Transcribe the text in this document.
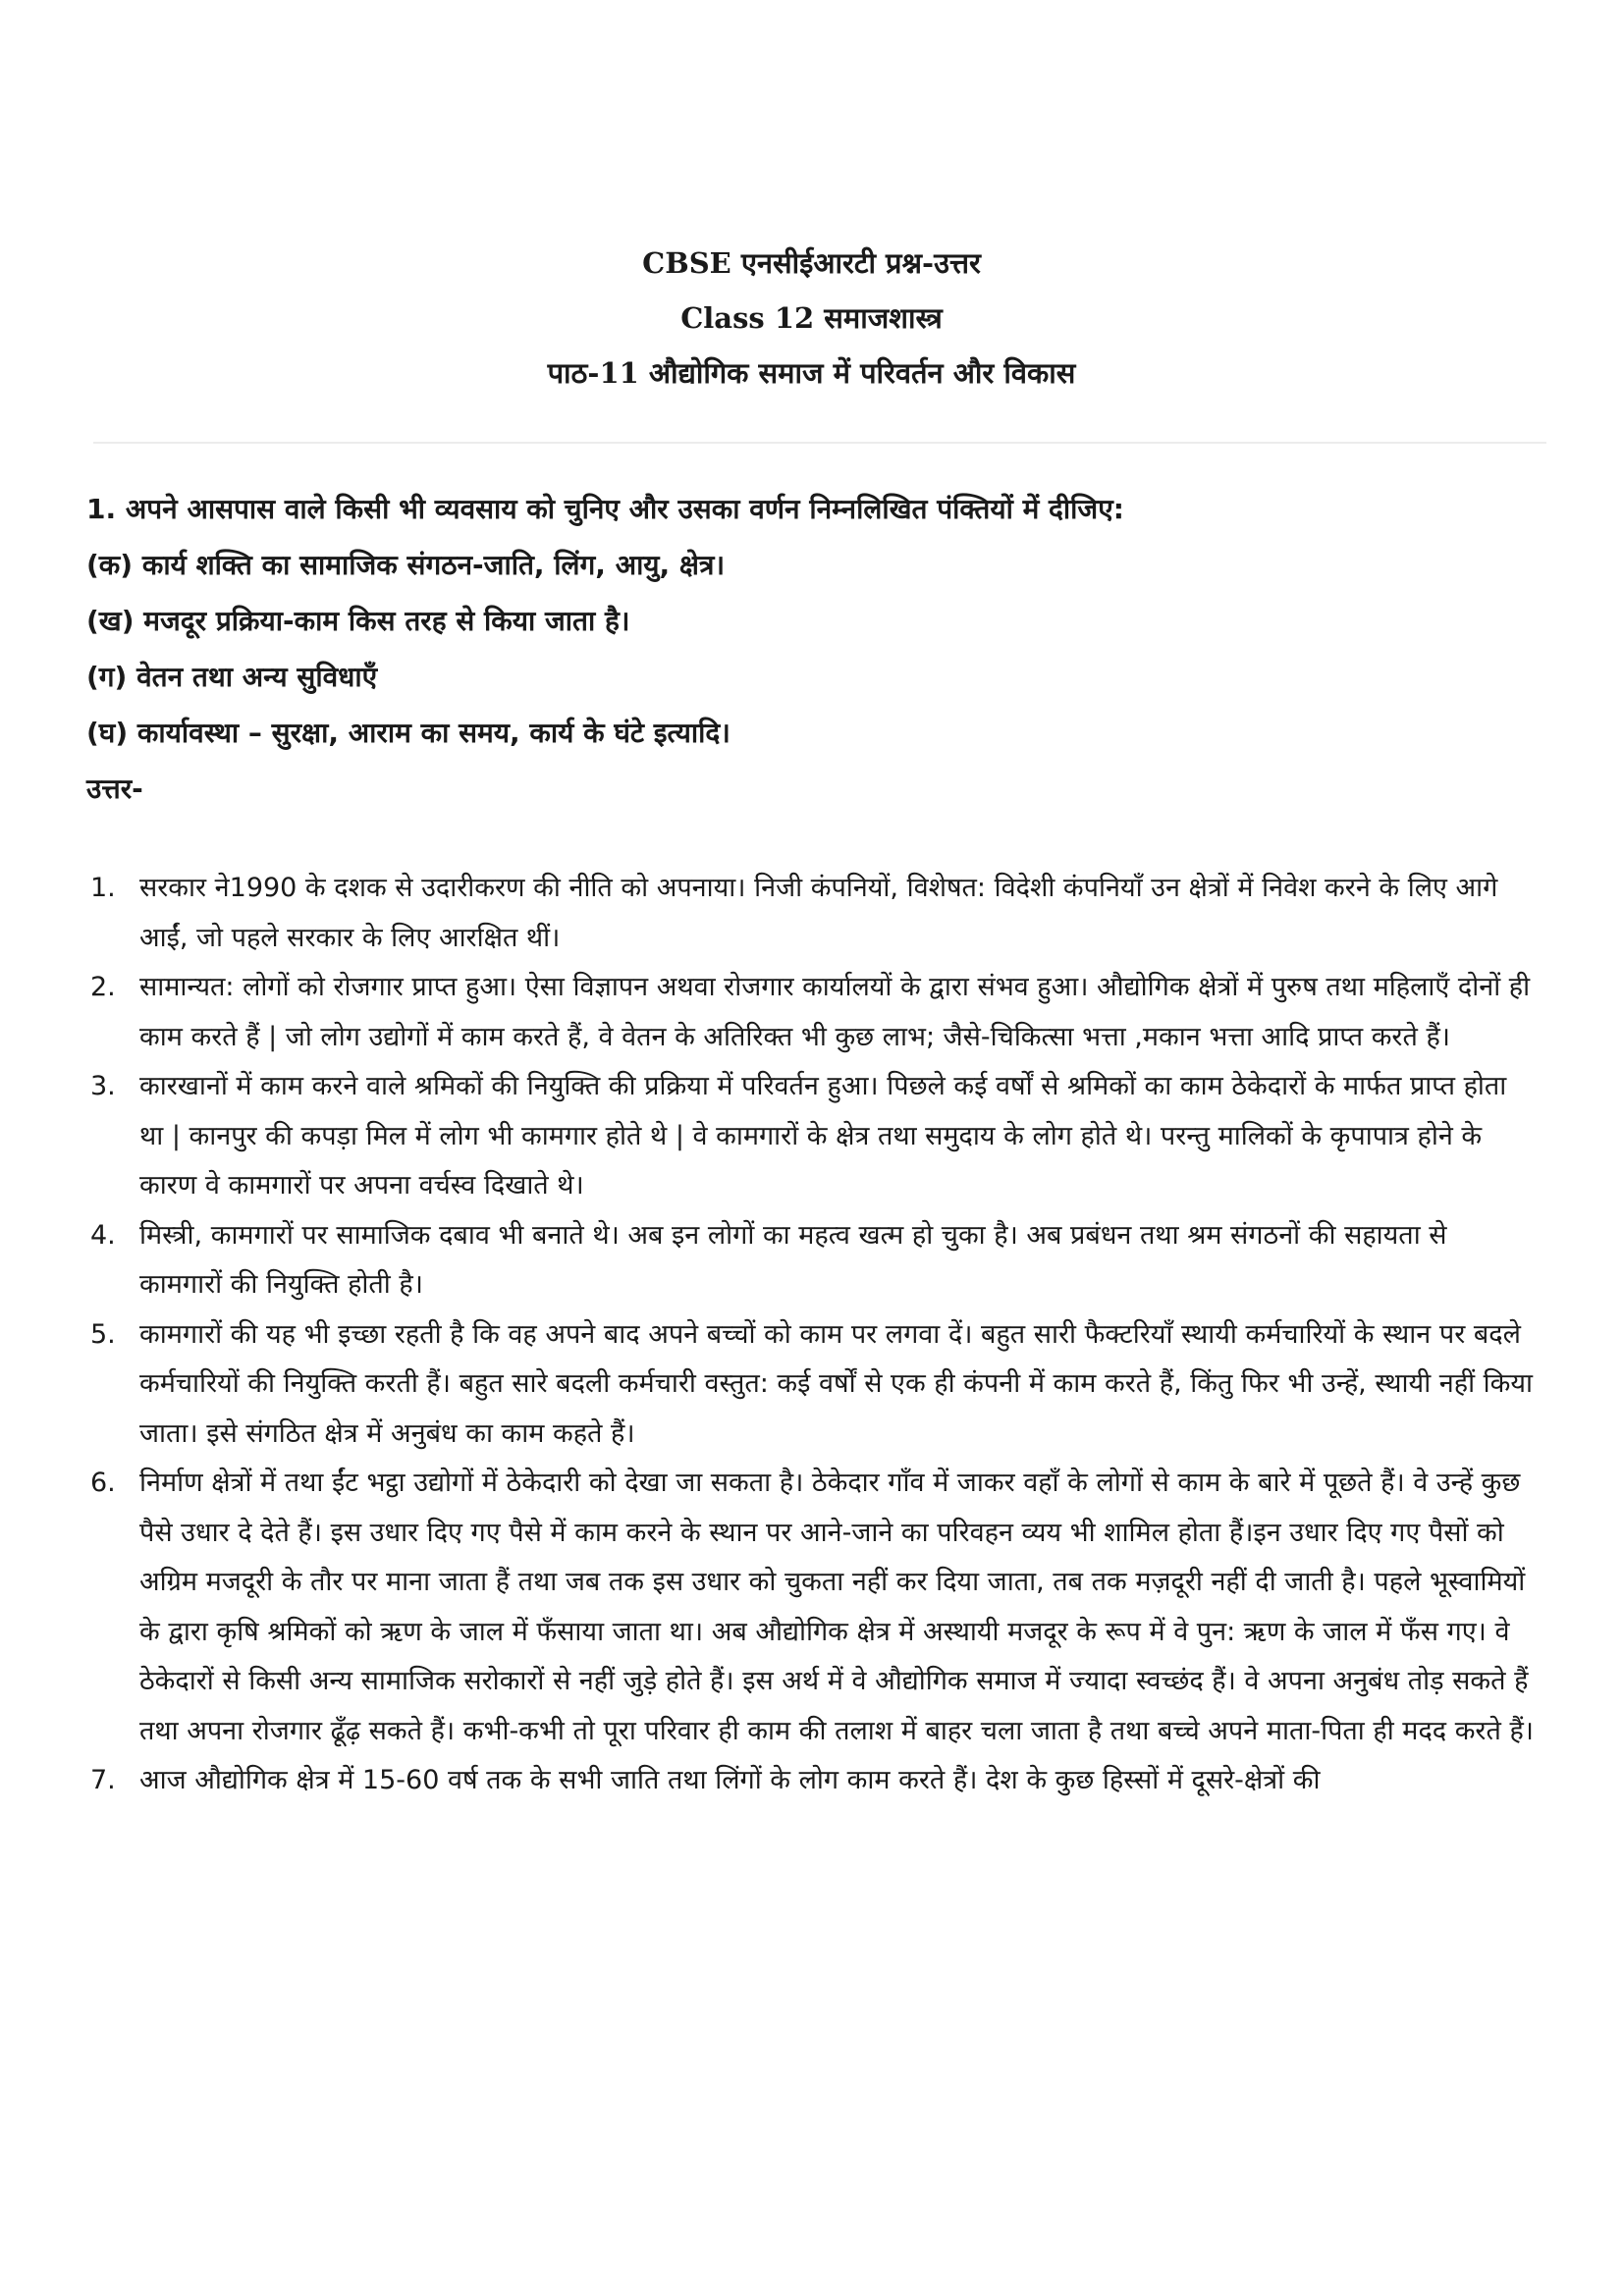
CBSE एनसीईआरटी प्रश्न-उत्तर
Class 12 समाजशास्त्र
पाठ-11 औद्योगिक समाज में परिवर्तन और विकास
1. अपने आसपास वाले किसी भी व्यवसाय को चुनिए और उसका वर्णन निम्नलिखित पंक्तियों में दीजिए:
(क) कार्य शक्ति का सामाजिक संगठन-जाति, लिंग, आयु, क्षेत्र।
(ख) मजदूर प्रक्रिया-काम किस तरह से किया जाता है।
(ग) वेतन तथा अन्य सुविधाएँ
(घ) कार्यावस्था – सुरक्षा, आराम का समय, कार्य के घंटे इत्यादि।
उत्तर-
1. सरकार ने1990 के दशक से उदारीकरण की नीति को अपनाया। निजी कंपनियों, विशेषत: विदेशी कंपनियाँ उन क्षेत्रों में निवेश करने के लिए आगे आईं, जो पहले सरकार के लिए आरक्षित थीं।
2. सामान्यत: लोगों को रोजगार प्राप्त हुआ। ऐसा विज्ञापन अथवा रोजगार कार्यालयों के द्वारा संभव हुआ। औद्योगिक क्षेत्रों में पुरुष तथा महिलाएँ दोनों ही काम करते हैं | जो लोग उद्योगों में काम करते हैं, वे वेतन के अतिरिक्त भी कुछ लाभ; जैसे-चिकित्सा भत्ता ,मकान भत्ता आदि प्राप्त करते हैं।
3. कारखानों में काम करने वाले श्रमिकों की नियुक्ति की प्रक्रिया में परिवर्तन हुआ। पिछले कई वर्षों से श्रमिकों का काम ठेकेदारों के मार्फत प्राप्त होता था | कानपुर की कपड़ा मिल में लोग भी कामगार होते थे | वे कामगारों के क्षेत्र तथा समुदाय के लोग होते थे। परन्तु मालिकों के कृपापात्र होने के कारण वे कामगारों पर अपना वर्चस्व दिखाते थे।
4. मिस्त्री, कामगारों पर सामाजिक दबाव भी बनाते थे। अब इन लोगों का महत्व खत्म हो चुका है। अब प्रबंधन तथा श्रम संगठनों की सहायता से कामगारों की नियुक्ति होती है।
5. कामगारों की यह भी इच्छा रहती है कि वह अपने बाद अपने बच्चों को काम पर लगवा दें। बहुत सारी फैक्टरियाँ स्थायी कर्मचारियों के स्थान पर बदले कर्मचारियों की नियुक्ति करती हैं। बहुत सारे बदली कर्मचारी वस्तुत: कई वर्षों से एक ही कंपनी में काम करते हैं, किंतु फिर भी उन्हें, स्थायी नहीं किया जाता। इसे संगठित क्षेत्र में अनुबंध का काम कहते हैं।
6. निर्माण क्षेत्रों में तथा ईंट भट्ठा उद्योगों में ठेकेदारी को देखा जा सकता है। ठेकेदार गाँव में जाकर वहाँ के लोगों से काम के बारे में पूछते हैं। वे उन्हें कुछ पैसे उधार दे देते हैं। इस उधार दिए गए पैसे में काम करने के स्थान पर आने-जाने का परिवहन व्यय भी शामिल होता हैं।इन उधार दिए गए पैसों को अग्रिम मजदूरी के तौर पर माना जाता हैं तथा जब तक इस उधार को चुकता नहीं कर दिया जाता, तब तक मज़दूरी नहीं दी जाती है। पहले भूस्वामियों के द्वारा कृषि श्रमिकों को ऋण के जाल में फँसाया जाता था। अब औद्योगिक क्षेत्र में अस्थायी मजदूर के रूप में वे पुन: ऋण के जाल में फँस गए। वे ठेकेदारों से किसी अन्य सामाजिक सरोकारों से नहीं जुड़े होते हैं। इस अर्थ में वे औद्योगिक समाज में ज्यादा स्वच्छंद हैं। वे अपना अनुबंध तोड़ सकते हैं तथा अपना रोजगार ढूँढ़ सकते हैं। कभी-कभी तो पूरा परिवार ही काम की तलाश में बाहर चला जाता है तथा बच्चे अपने माता-पिता ही मदद करते हैं।
7. आज औद्योगिक क्षेत्र में 15-60 वर्ष तक के सभी जाति तथा लिंगों के लोग काम करते हैं। देश के कुछ हिस्सों में दूसरे-क्षेत्रों की
